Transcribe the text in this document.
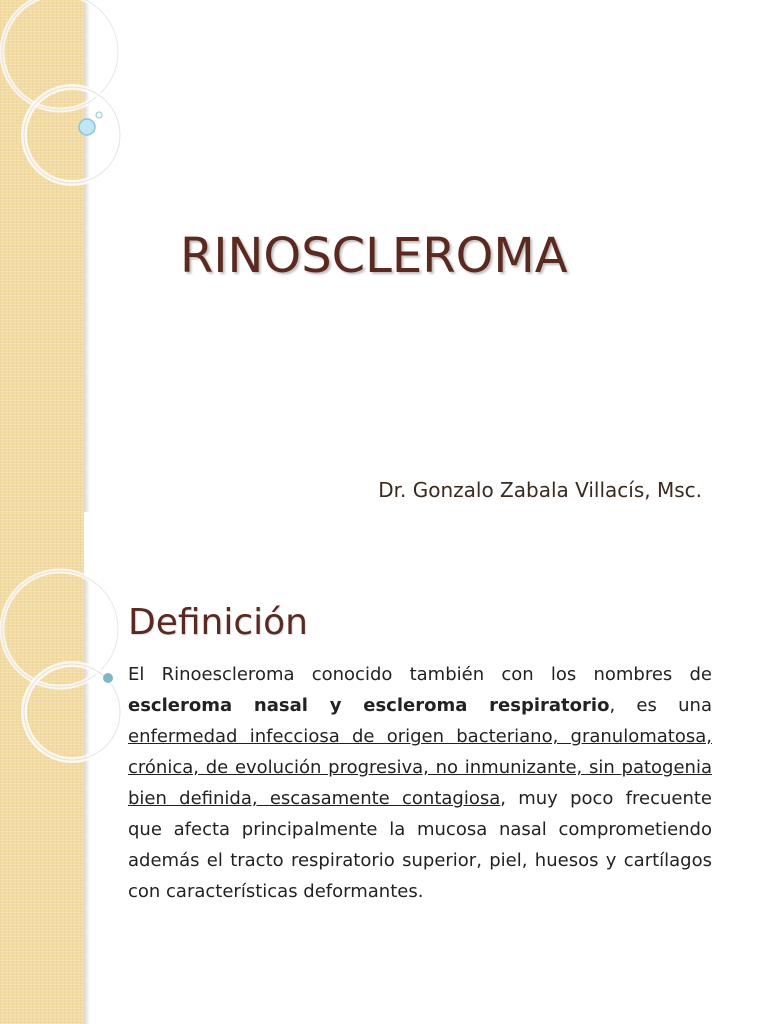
RINOSCLEROMA
Dr. Gonzalo Zabala Villacís, Msc.
Definición

El Rinoescleroma conocido también con los nombres de escleroma nasal y escleroma respiratorio, es una enfermedad infecciosa de origen bacteriano, granulomatosa, crónica, de evolución progresiva, no inmunizante, sin patogenia bien definida, escasamente contagiosa, muy poco frecuente que afecta principalmente la mucosa nasal comprometiendo además el tracto respiratorio superior, piel, huesos y cartílagos con características deformantes.
